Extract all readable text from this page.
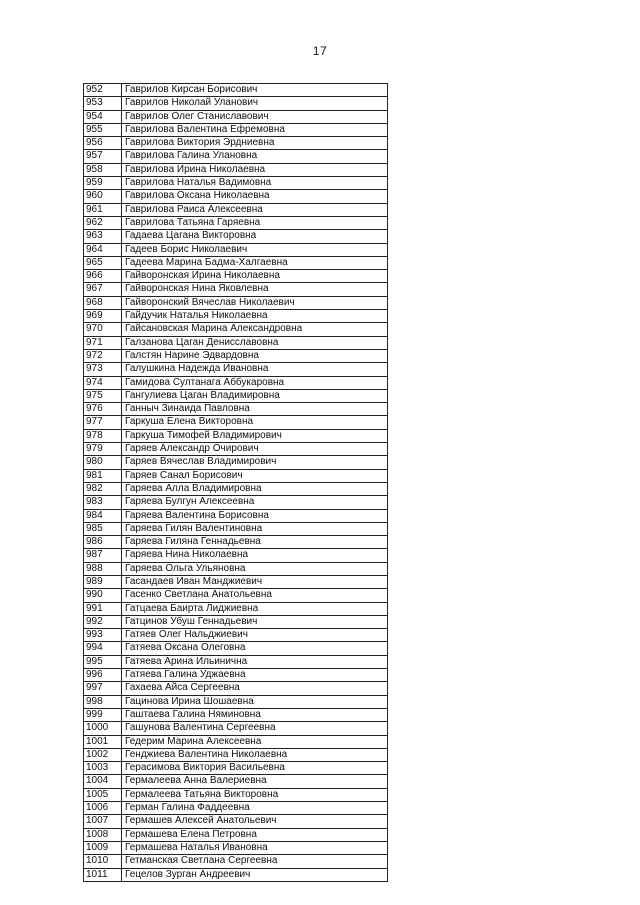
17
952	Гаврилов Кирсан Борисович
953	Гаврилов Николай Уланович
954	Гаврилов Олег Станиславович
955	Гаврилова Валентина Ефремовна
956	Гаврилова Виктория Эрдниевна
957	Гаврилова Галина Улановна
958	Гаврилова Ирина Николаевна
959	Гаврилова Наталья Вадимовна
960	Гаврилова Оксана Николаевна
961	Гаврилова Раиса Алексеевна
962	Гаврилова Татьяна Гаряевна
963	Гадаева Цагана Викторовна
964	Гадеев Борис Николаевич
965	Гадеева Марина Бадма-Халгаевна
966	Гайворонская Ирина Николаевна
967	Гайворонская Нина Яковлевна
968	Гайворонский Вячеслав Николаевич
969	Гайдучик Наталья Николаевна
970	Гайсановская Марина Александровна
971	Галзанова Цаган Денисславовна
972	Галстян Нарине Эдвардовна
973	Галушкина Надежда Ивановна
974	Гамидова Султанага Аббукаровна
975	Гангулиева Цаган Владимировна
976	Ганныч Зинаида Павловна
977	Гаркуша Елена Викторовна
978	Гаркуша Тимофей Владимирович
979	Гаряев Александр Очирович
980	Гаряев Вячеслав Владимирович
981	Гаряев Санал Борисович
982	Гаряева Алла Владимировна
983	Гаряева Булгун Алексеевна
984	Гаряева Валентина Борисовна
985	Гаряева Гилян Валентиновна
986	Гаряева Гиляна Геннадьевна
987	Гаряева Нина Николаевна
988	Гаряева Ольга Ульяновна
989	Гасандаев Иван Манджиевич
990	Гасенко Светлана Анатольевна
991	Гатцаева Баирта Лиджиевна
992	Гатцинов Убуш Геннадьевич
993	Гатяев Олег Нальджиевич
994	Гатяева Оксана Олеговна
995	Гатяева Арина Ильинична
996	Гатяева Галина Уджаевна
997	Гахаева Айса Сергеевна
998	Гацинова Ирина Шошаевна
999	Гаштаева Галина Няминовна
1000	Гашунова Валентина Сергеевна
1001	Гедерим Марина Алексеевна
1002	Генджиева Валентина Николаевна
1003	Герасимова Виктория Васильевна
1004	Гермалеева Анна Валериевна
1005	Гермалеева Татьяна Викторовна
1006	Герман Галина Фаддеевна
1007	Гермашев Алексей Анатольевич
1008	Гермашева Елена Петровна
1009	Гермашева Наталья Ивановна
1010	Гетманская Светлана Сергеевна
1011	Гецелов Зурган Андреевич
